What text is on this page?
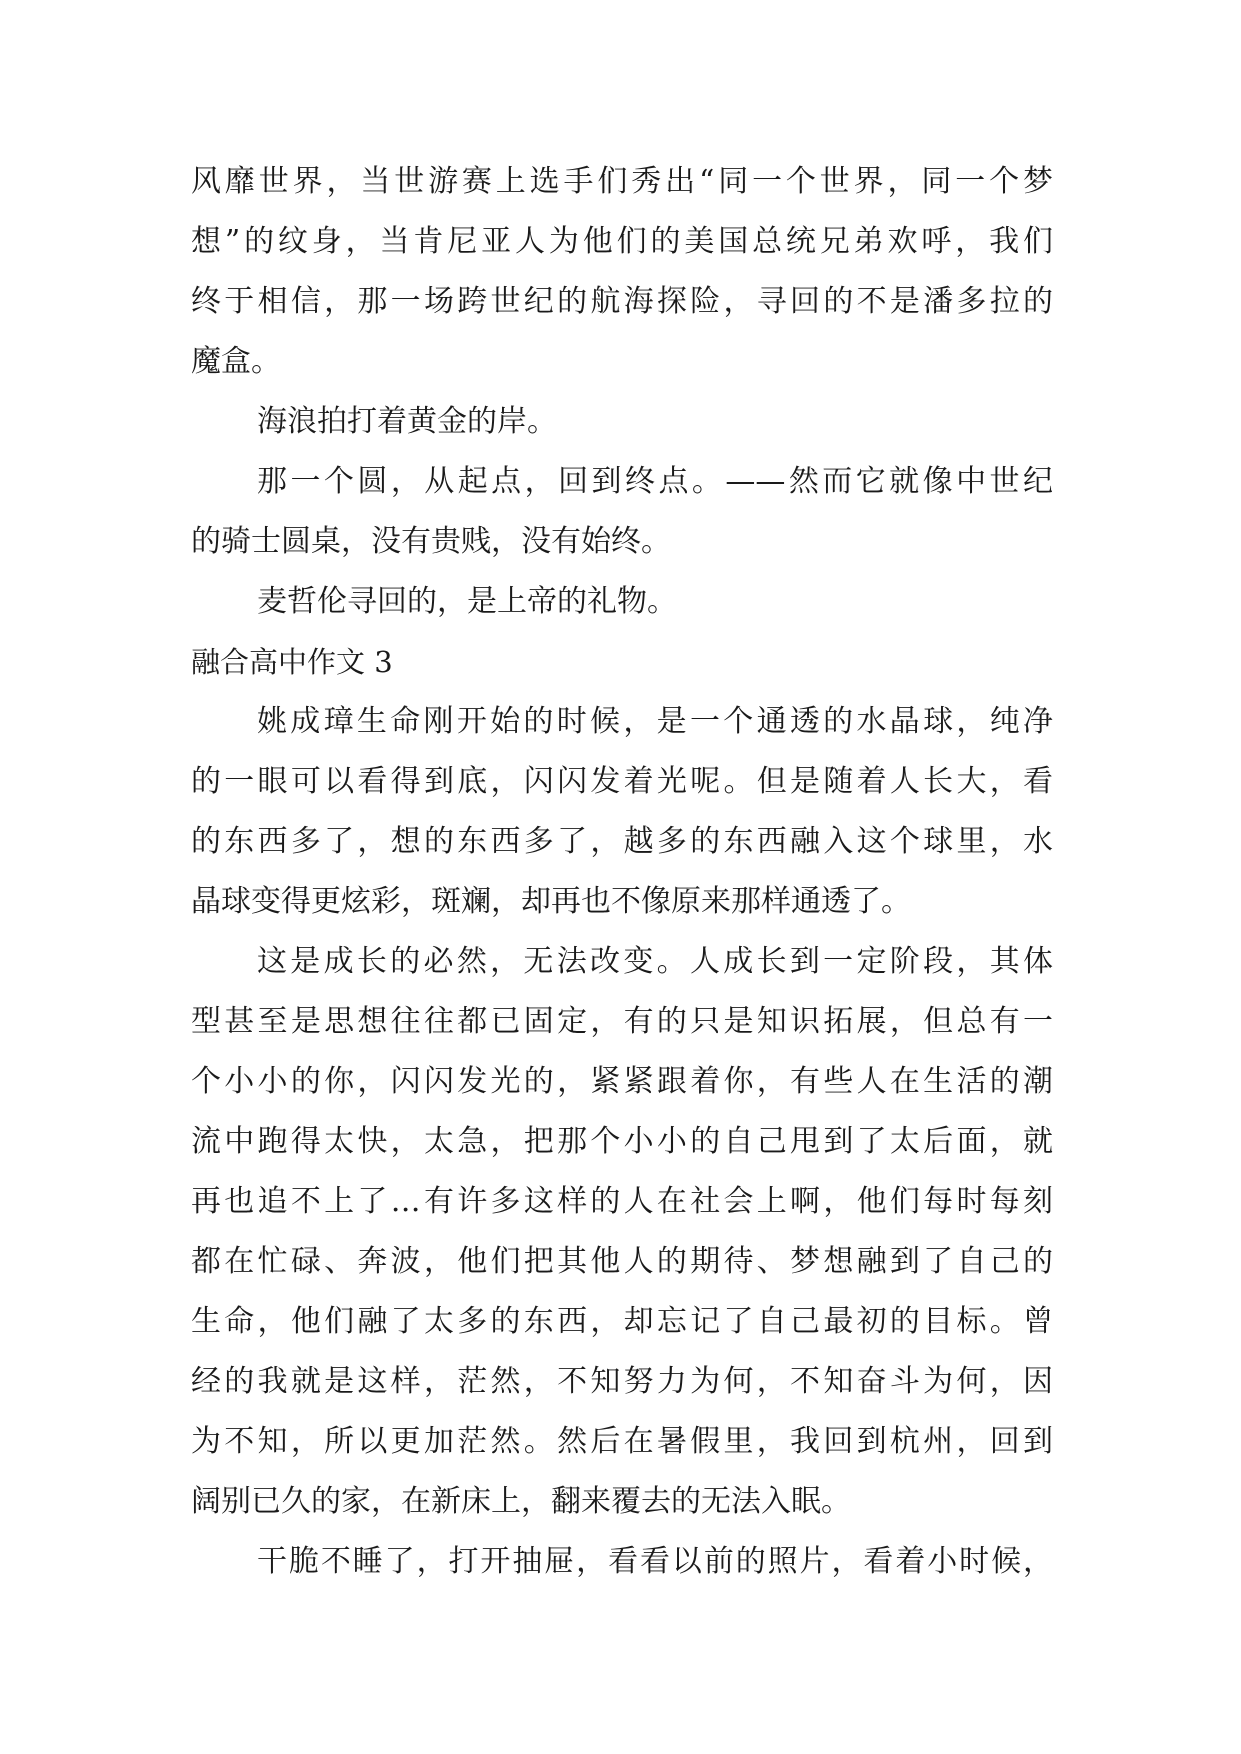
风靡世界，当世游赛上选手们秀出“同一个世界，同一个梦
想”的纹身，当肯尼亚人为他们的美国总统兄弟欢呼，我们
终于相信，那一场跨世纪的航海探险，寻回的不是潘多拉的
魔盒。
海浪拍打着黄金的岸。
那一个圆，从起点，回到终点。——然而它就像中世纪
的骑士圆桌，没有贵贱，没有始终。
麦哲伦寻回的，是上帝的礼物。
融合高中作文 3
姚成璋生命刚开始的时候，是一个通透的水晶球，纯净
的一眼可以看得到底，闪闪发着光呢。但是随着人长大，看
的东西多了，想的东西多了，越多的东西融入这个球里，水
晶球变得更炫彩，斑斓，却再也不像原来那样通透了。
这是成长的必然，无法改变。人成长到一定阶段，其体
型甚至是思想往往都已固定，有的只是知识拓展，但总有一
个小小的你，闪闪发光的，紧紧跟着你，有些人在生活的潮
流中跑得太快，太急，把那个小小的自己甩到了太后面，就
再也追不上了…有许多这样的人在社会上啊，他们每时每刻
都在忙碌、奔波，他们把其他人的期待、梦想融到了自己的
生命，他们融了太多的东西，却忘记了自己最初的目标。曾
经的我就是这样，茫然，不知努力为何，不知奋斗为何，因
为不知，所以更加茫然。然后在暑假里，我回到杭州，回到
阔别已久的家，在新床上，翻来覆去的无法入眠。
干脆不睡了，打开抽屉，看看以前的照片，看着小时候，
